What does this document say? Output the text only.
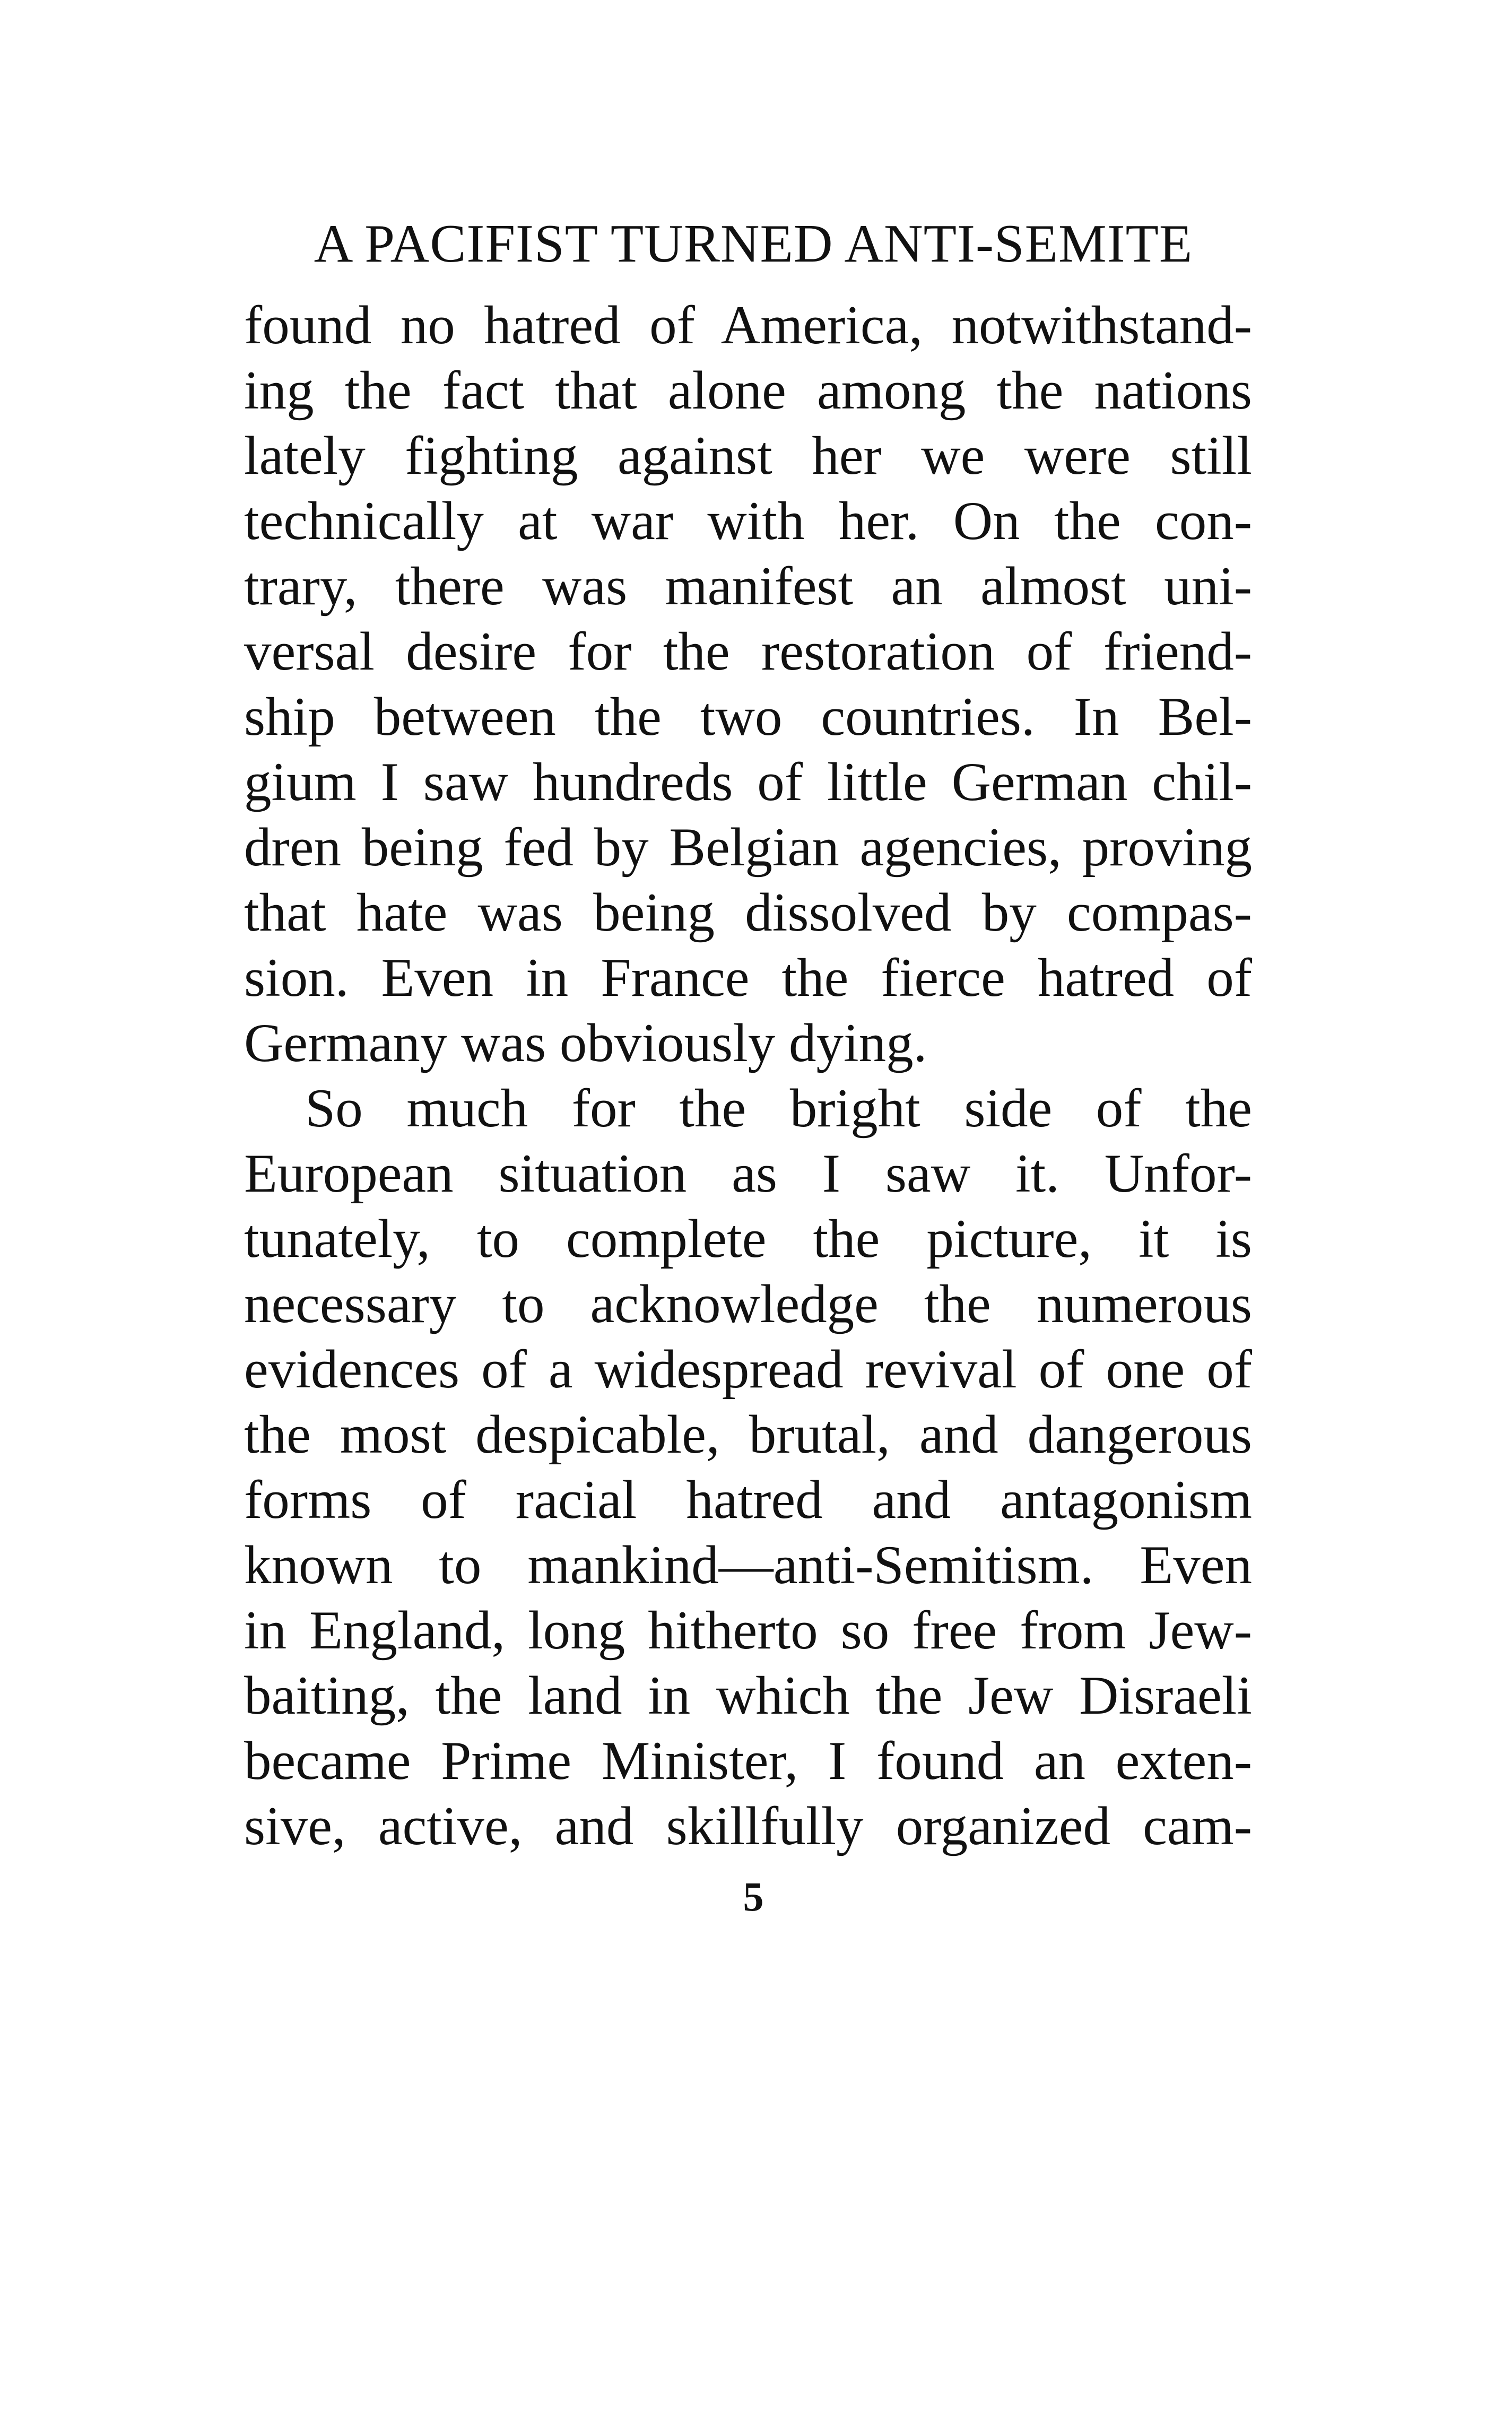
A PACIFIST TURNED ANTI-SEMITE
found no hatred of America, notwithstand-
ing the fact that alone among the nations
lately fighting against her we were still
technically at war with her. On the con-
trary, there was manifest an almost uni-
versal desire for the restoration of friend-
ship between the two countries. In Bel-
gium I saw hundreds of little German chil-
dren being fed by Belgian agencies, proving
that hate was being dissolved by compas-
sion. Even in France the fierce hatred of
Germany was obviously dying.
So much for the bright side of the
European situation as I saw it. Unfor-
tunately, to complete the picture, it is
necessary to acknowledge the numerous
evidences of a widespread revival of one of
the most despicable, brutal, and dangerous
forms of racial hatred and antagonism
known to mankind—anti-Semitism. Even
in England, long hitherto so free from Jew-
baiting, the land in which the Jew Disraeli
became Prime Minister, I found an exten-
sive, active, and skillfully organized cam-
5
